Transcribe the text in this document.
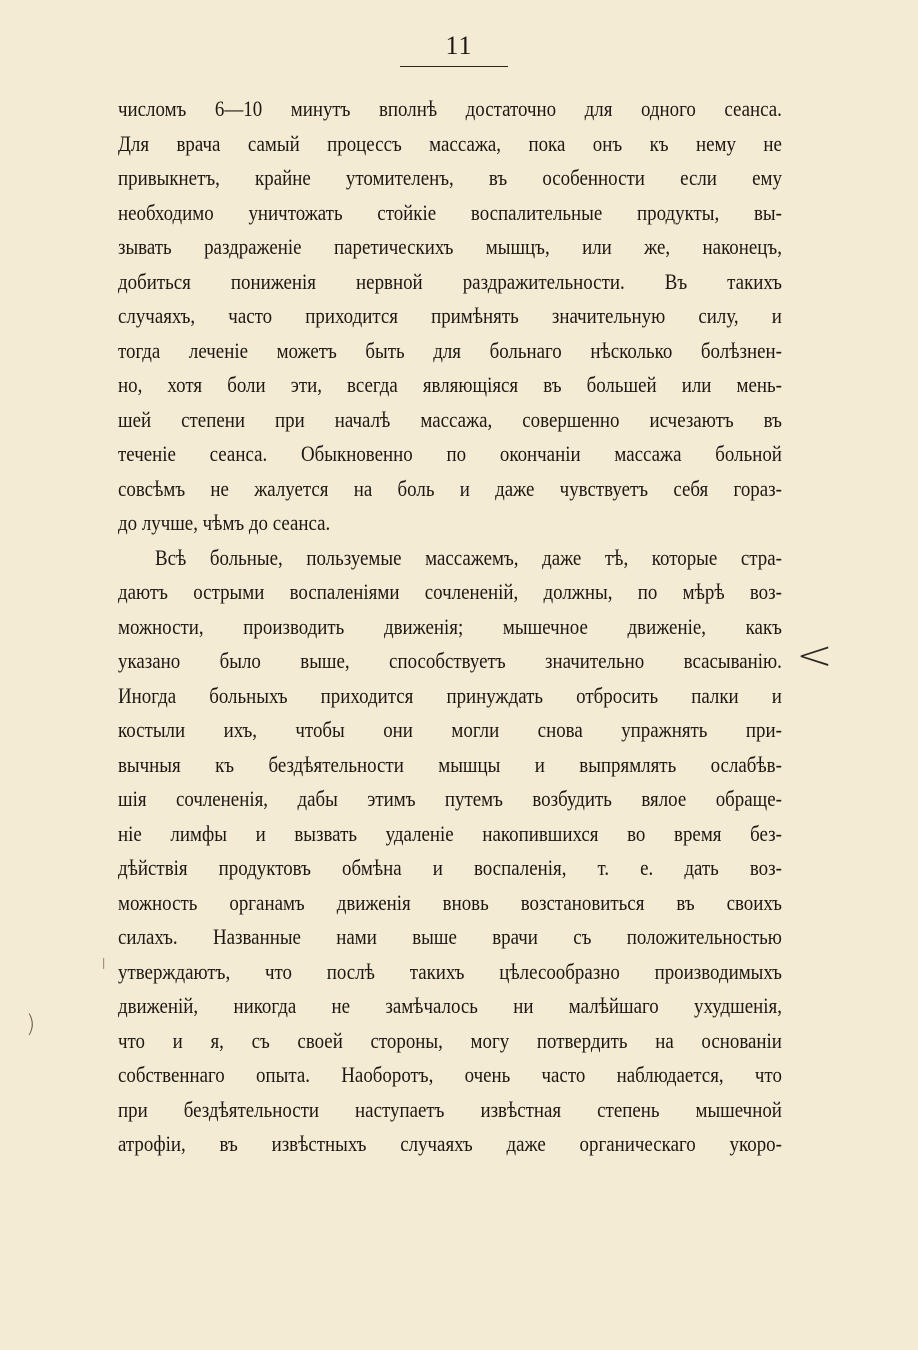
11
числомъ 6—10 минутъ вполнѣ достаточно для одного сеанса.
Для врача самый процессъ массажа, пока онъ къ нему не
привыкнетъ, крайне утомителенъ, въ особенности если ему
необходимо уничтожать стойкіе воспалительные продукты, вы-
зывать раздраженіе паретическихъ мышцъ, или же, наконецъ,
добиться пониженія нервной раздражительности. Въ такихъ
случаяхъ, часто приходится примѣнять значительную силу, и
тогда леченіе можетъ быть для больнаго нѣсколько болѣзнен-
но, хотя боли эти, всегда являющіяся въ большей или мень-
шей степени при началѣ массажа, совершенно исчезаютъ въ
теченіе сеанса. Обыкновенно по окончаніи массажа больной
совсѣмъ не жалуется на боль и даже чувствуетъ себя гораз-
до лучше, чѣмъ до сеанса.
Всѣ больные, пользуемые массажемъ, даже тѣ, которые стра-
даютъ острыми воспаленіями сочлененій, должны, по мѣрѣ воз-
можности, производить движенія; мышечное движеніе, какъ
указано было выше, способствуетъ значительно всасыванію.
Иногда больныхъ приходится принуждать отбросить палки и
костыли ихъ, чтобы они могли снова упражнять при-
вычныя къ бездѣятельности мышцы и выпрямлять ослабѣв-
шія сочлененія, дабы этимъ путемъ возбудить вялое обраще-
ніе лимфы и вызвать удаленіе накопившихся во время без-
дѣйствія продуктовъ обмѣна и воспаленія, т. е. дать воз-
можность органамъ движенія вновь возстановиться въ своихъ
силахъ. Названные нами выше врачи съ положительностью
утверждаютъ, что послѣ такихъ цѣлесообразно производимыхъ
движеній, никогда не замѣчалось ни малѣйшаго ухудшенія,
что и я, съ своей стороны, могу потвердить на основаніи
собственнаго опыта. Наоборотъ, очень часто наблюдается, что
при бездѣятельности наступаетъ извѣстная степень мышечной
атрофіи, въ извѣстныхъ случаяхъ даже органическаго укоро-
<
ı
)
